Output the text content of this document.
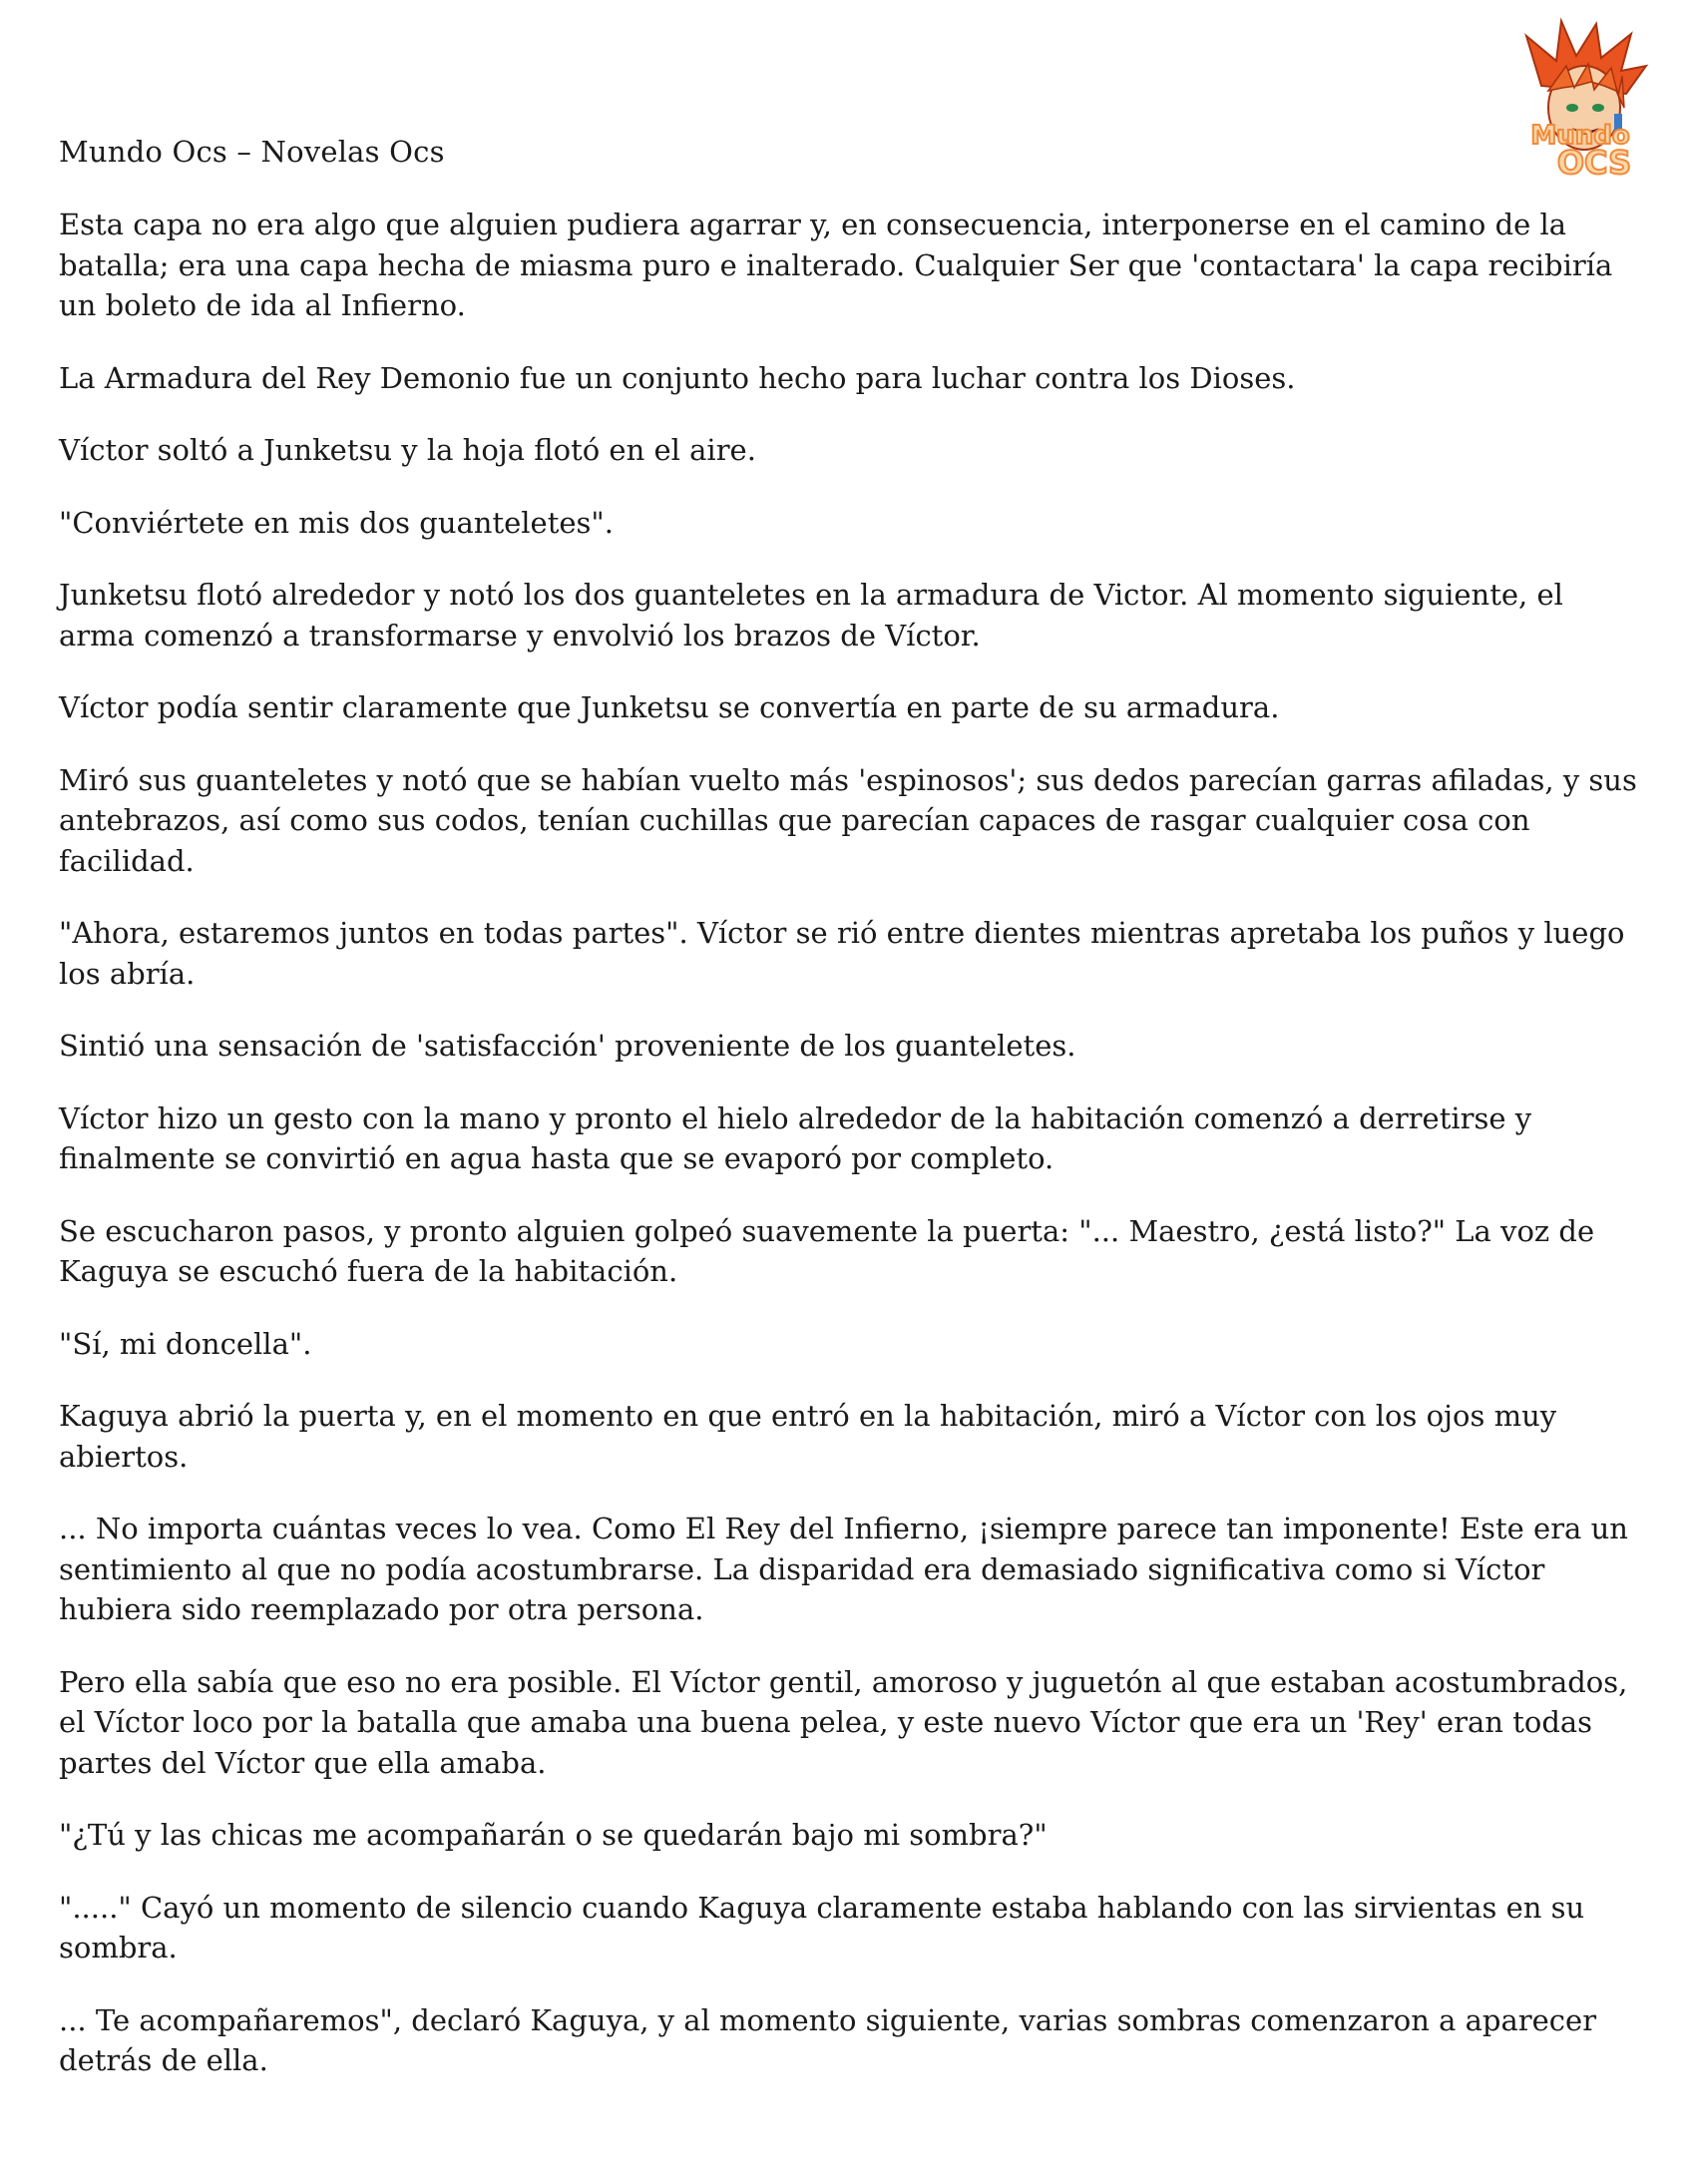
Mundo Ocs – Novelas Ocs	Mundo
OCS

Esta capa no era algo que alguien pudiera agarrar y, en consecuencia, interponerse en el camino de la batalla; era una capa hecha de miasma puro e inalterado. Cualquier Ser que 'contactara' la capa recibiría un boleto de ida al Infierno.

La Armadura del Rey Demonio fue un conjunto hecho para luchar contra los Dioses.

Víctor soltó a Junketsu y la hoja flotó en el aire.

"Conviértete en mis dos guanteletes".

Junketsu flotó alrededor y notó los dos guanteletes en la armadura de Victor. Al momento siguiente, el arma comenzó a transformarse y envolvió los brazos de Víctor.

Víctor podía sentir claramente que Junketsu se convertía en parte de su armadura.

Miró sus guanteletes y notó que se habían vuelto más 'espinosos'; sus dedos parecían garras afiladas, y sus antebrazos, así como sus codos, tenían cuchillas que parecían capaces de rasgar cualquier cosa con facilidad.

"Ahora, estaremos juntos en todas partes". Víctor se rió entre dientes mientras apretaba los puños y luego los abría.

Sintió una sensación de 'satisfacción' proveniente de los guanteletes.

Víctor hizo un gesto con la mano y pronto el hielo alrededor de la habitación comenzó a derretirse y finalmente se convirtió en agua hasta que se evaporó por completo.

Se escucharon pasos, y pronto alguien golpeó suavemente la puerta: "... Maestro, ¿está listo?" La voz de Kaguya se escuchó fuera de la habitación.

"Sí, mi doncella".

Kaguya abrió la puerta y, en el momento en que entró en la habitación, miró a Víctor con los ojos muy abiertos.

... No importa cuántas veces lo vea. Como El Rey del Infierno, ¡siempre parece tan imponente! Este era un sentimiento al que no podía acostumbrarse. La disparidad era demasiado significativa como si Víctor hubiera sido reemplazado por otra persona.

Pero ella sabía que eso no era posible. El Víctor gentil, amoroso y juguetón al que estaban acostumbrados, el Víctor loco por la batalla que amaba una buena pelea, y este nuevo Víctor que era un 'Rey' eran todas partes del Víctor que ella amaba.

"¿Tú y las chicas me acompañarán o se quedarán bajo mi sombra?"

"....." Cayó un momento de silencio cuando Kaguya claramente estaba hablando con las sirvientas en su sombra.

... Te acompañaremos", declaró Kaguya, y al momento siguiente, varias sombras comenzaron a aparecer detrás de ella.
